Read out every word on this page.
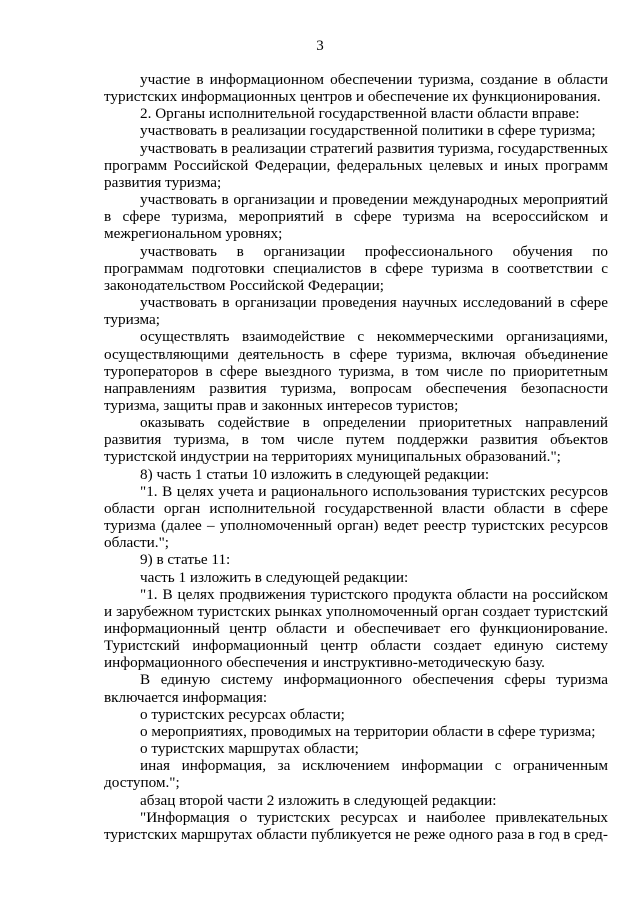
3

участие в информационном обеспечении туризма, создание в области туристских информационных центров и обеспечение их функционирования.

2. Органы исполнительной государственной власти области вправе:

участвовать в реализации государственной политики в сфере туризма;

участвовать в реализации стратегий развития туризма, государственных программ Российской Федерации, федеральных целевых и иных программ развития туризма;

участвовать в организации и проведении международных мероприятий в сфере туризма, мероприятий в сфере туризма на всероссийском и межрегиональном уровнях;

участвовать в организации профессионального обучения по программам подготовки специалистов в сфере туризма в соответствии с законодательством Российской Федерации;

участвовать в организации проведения научных исследований в сфере туризма;

осуществлять взаимодействие с некоммерческими организациями, осуществляющими деятельность в сфере туризма, включая объединение туроператоров в сфере выездного туризма, в том числе по приоритетным направлениям развития туризма, вопросам обеспечения безопасности туризма, защиты прав и законных интересов туристов;

оказывать содействие в определении приоритетных направлений развития туризма, в том числе путем поддержки развития объектов туристской индустрии на территориях муниципальных образований.";

8) часть 1 статьи 10 изложить в следующей редакции:

"1. В целях учета и рационального использования туристских ресурсов области орган исполнительной государственной власти области в сфере туризма (далее – уполномоченный орган) ведет реестр туристских ресурсов области.";

9) в статье 11:

часть 1 изложить в следующей редакции:

"1. В целях продвижения туристского продукта области на российском и зарубежном туристских рынках уполномоченный орган создает туристский информационный центр области и обеспечивает его функционирование. Туристский информационный центр области создает единую систему информационного обеспечения и инструктивно-методическую базу.

В единую систему информационного обеспечения сферы туризма включается информация:

о туристских ресурсах области;

о мероприятиях, проводимых на территории области в сфере туризма;

о туристских маршрутах области;

иная информация, за исключением информации с ограниченным доступом.";

абзац второй части 2 изложить в следующей редакции:

"Информация о туристских ресурсах и наиболее привлекательных туристских маршрутах области публикуется не реже одного раза в год в сред-
